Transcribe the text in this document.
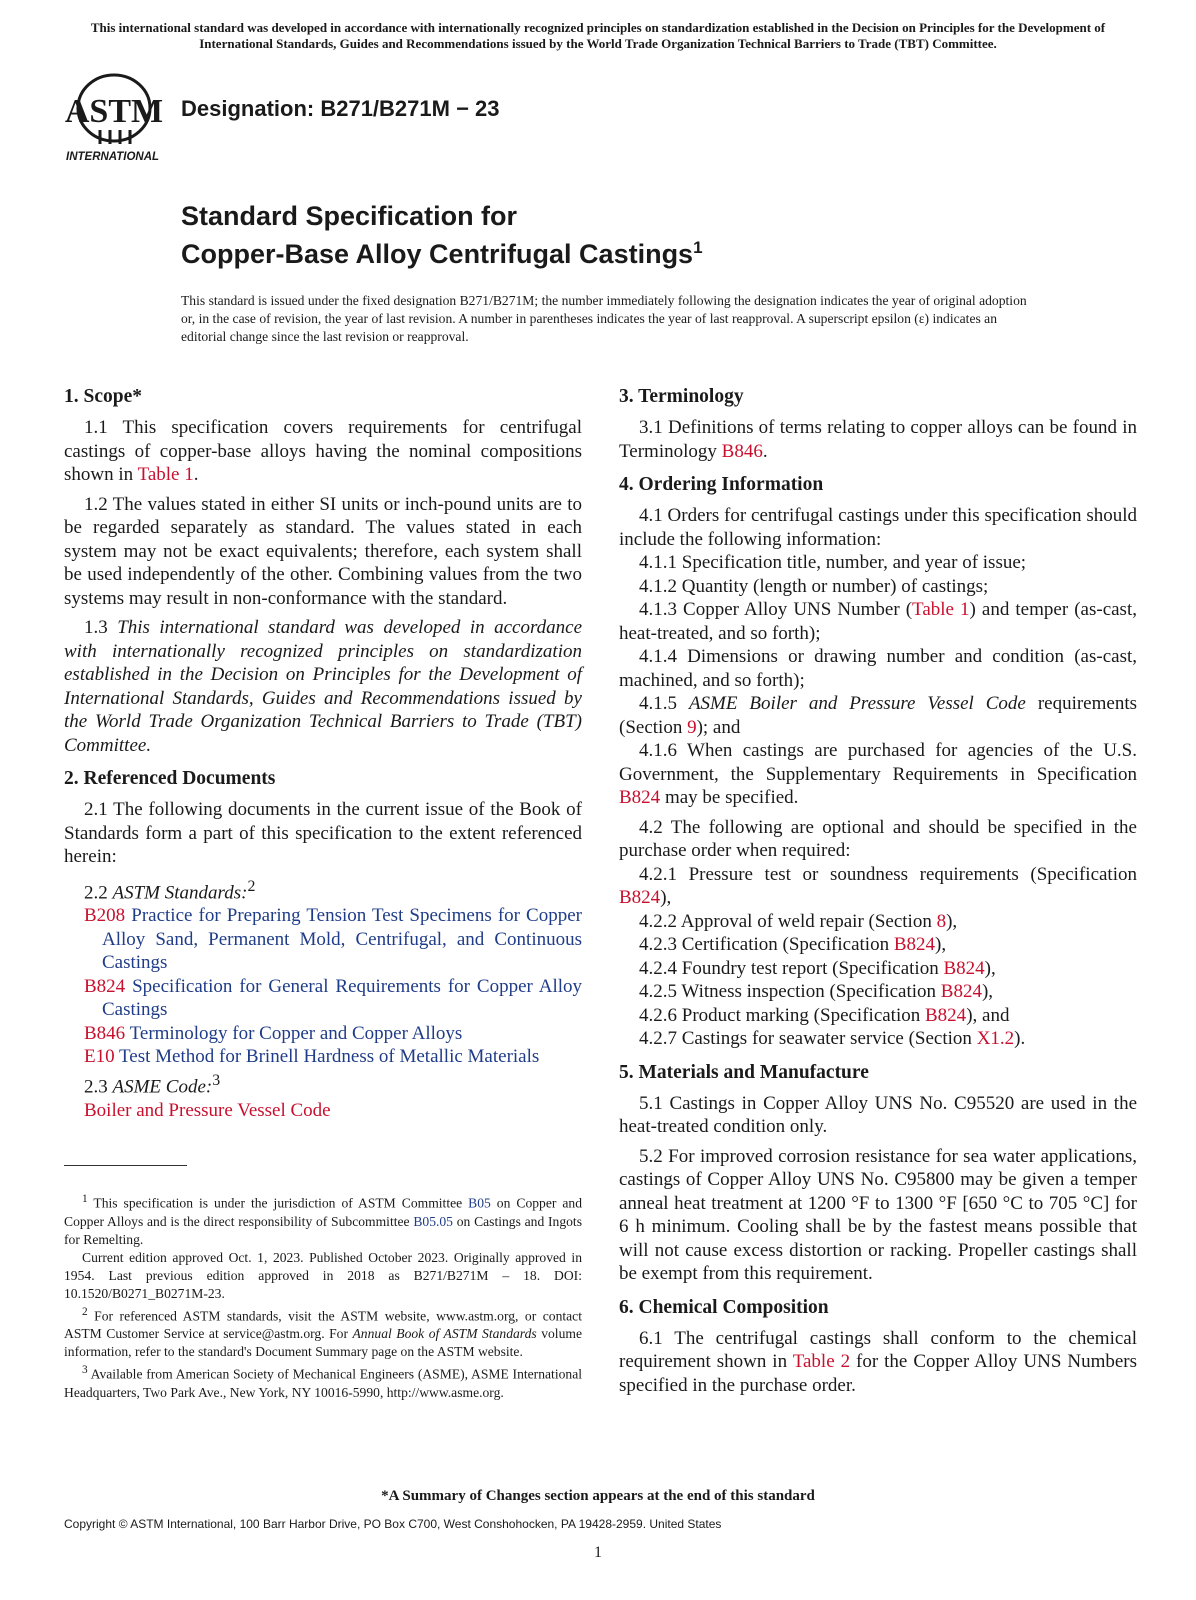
This international standard was developed in accordance with internationally recognized principles on standardization established in the Decision on Principles for the Development of International Standards, Guides and Recommendations issued by the World Trade Organization Technical Barriers to Trade (TBT) Committee.
ASTM
INTERNATIONAL
Designation: B271/B271M − 23
Standard Specification for
Copper-Base Alloy Centrifugal Castings$^1$
This standard is issued under the fixed designation B271/B271M; the number immediately following the designation indicates the year of original adoption or, in the case of revision, the year of last revision. A number in parentheses indicates the year of last reapproval. A superscript epsilon (ε) indicates an editorial change since the last revision or reapproval.
1. Scope*

1.1 This specification covers requirements for centrifugal castings of copper-base alloys having the nominal compositions shown in Table 1.

1.2 The values stated in either SI units or inch-pound units are to be regarded separately as standard. The values stated in each system may not be exact equivalents; therefore, each system shall be used independently of the other. Combining values from the two systems may result in non-conformance with the standard.

1.3 This international standard was developed in accordance with internationally recognized principles on standardization established in the Decision on Principles for the Development of International Standards, Guides and Recommendations issued by the World Trade Organization Technical Barriers to Trade (TBT) Committee.

2. Referenced Documents

2.1 The following documents in the current issue of the Book of Standards form a part of this specification to the extent referenced herein:

2.2 ASTM Standards:$^2$

B208 Practice for Preparing Tension Test Specimens for Copper Alloy Sand, Permanent Mold, Centrifugal, and Continuous Castings
B824 Specification for General Requirements for Copper Alloy Castings
B846 Terminology for Copper and Copper Alloys
E10 Test Method for Brinell Hardness of Metallic Materials

2.3 ASME Code:$^3$

Boiler and Pressure Vessel Code

$^1$ This specification is under the jurisdiction of ASTM Committee B05 on Copper and Copper Alloys and is the direct responsibility of Subcommittee B05.05 on Castings and Ingots for Remelting.

Current edition approved Oct. 1, 2023. Published October 2023. Originally approved in 1954. Last previous edition approved in 2018 as B271/B271M – 18. DOI: 10.1520/B0271_B0271M-23.

$^2$ For referenced ASTM standards, visit the ASTM website, www.astm.org, or contact ASTM Customer Service at service@astm.org. For Annual Book of ASTM Standards volume information, refer to the standard's Document Summary page on the ASTM website.

$^3$ Available from American Society of Mechanical Engineers (ASME), ASME International Headquarters, Two Park Ave., New York, NY 10016-5990, http://www.asme.org.

3. Terminology

3.1 Definitions of terms relating to copper alloys can be found in Terminology B846.

4. Ordering Information

4.1 Orders for centrifugal castings under this specification should include the following information:

4.1.1 Specification title, number, and year of issue;

4.1.2 Quantity (length or number) of castings;

4.1.3 Copper Alloy UNS Number (Table 1) and temper (as-cast, heat-treated, and so forth);

4.1.4 Dimensions or drawing number and condition (as-cast, machined, and so forth);

4.1.5 ASME Boiler and Pressure Vessel Code requirements (Section 9); and

4.1.6 When castings are purchased for agencies of the U.S. Government, the Supplementary Requirements in Specification B824 may be specified.

4.2 The following are optional and should be specified in the purchase order when required:

4.2.1 Pressure test or soundness requirements (Specification B824),

4.2.2 Approval of weld repair (Section 8),

4.2.3 Certification (Specification B824),

4.2.4 Foundry test report (Specification B824),

4.2.5 Witness inspection (Specification B824),

4.2.6 Product marking (Specification B824), and

4.2.7 Castings for seawater service (Section X1.2).

5. Materials and Manufacture

5.1 Castings in Copper Alloy UNS No. C95520 are used in the heat-treated condition only.

5.2 For improved corrosion resistance for sea water applications, castings of Copper Alloy UNS No. C95800 may be given a temper anneal heat treatment at 1200 °F to 1300 °F [650 °C to 705 °C] for 6 h minimum. Cooling shall be by the fastest means possible that will not cause excess distortion or racking. Propeller castings shall be exempt from this requirement.

6. Chemical Composition

6.1 The centrifugal castings shall conform to the chemical requirement shown in Table 2 for the Copper Alloy UNS Numbers specified in the purchase order.

*A Summary of Changes section appears at the end of this standard
Copyright © ASTM International, 100 Barr Harbor Drive, PO Box C700, West Conshohocken, PA 19428-2959. United States
1
